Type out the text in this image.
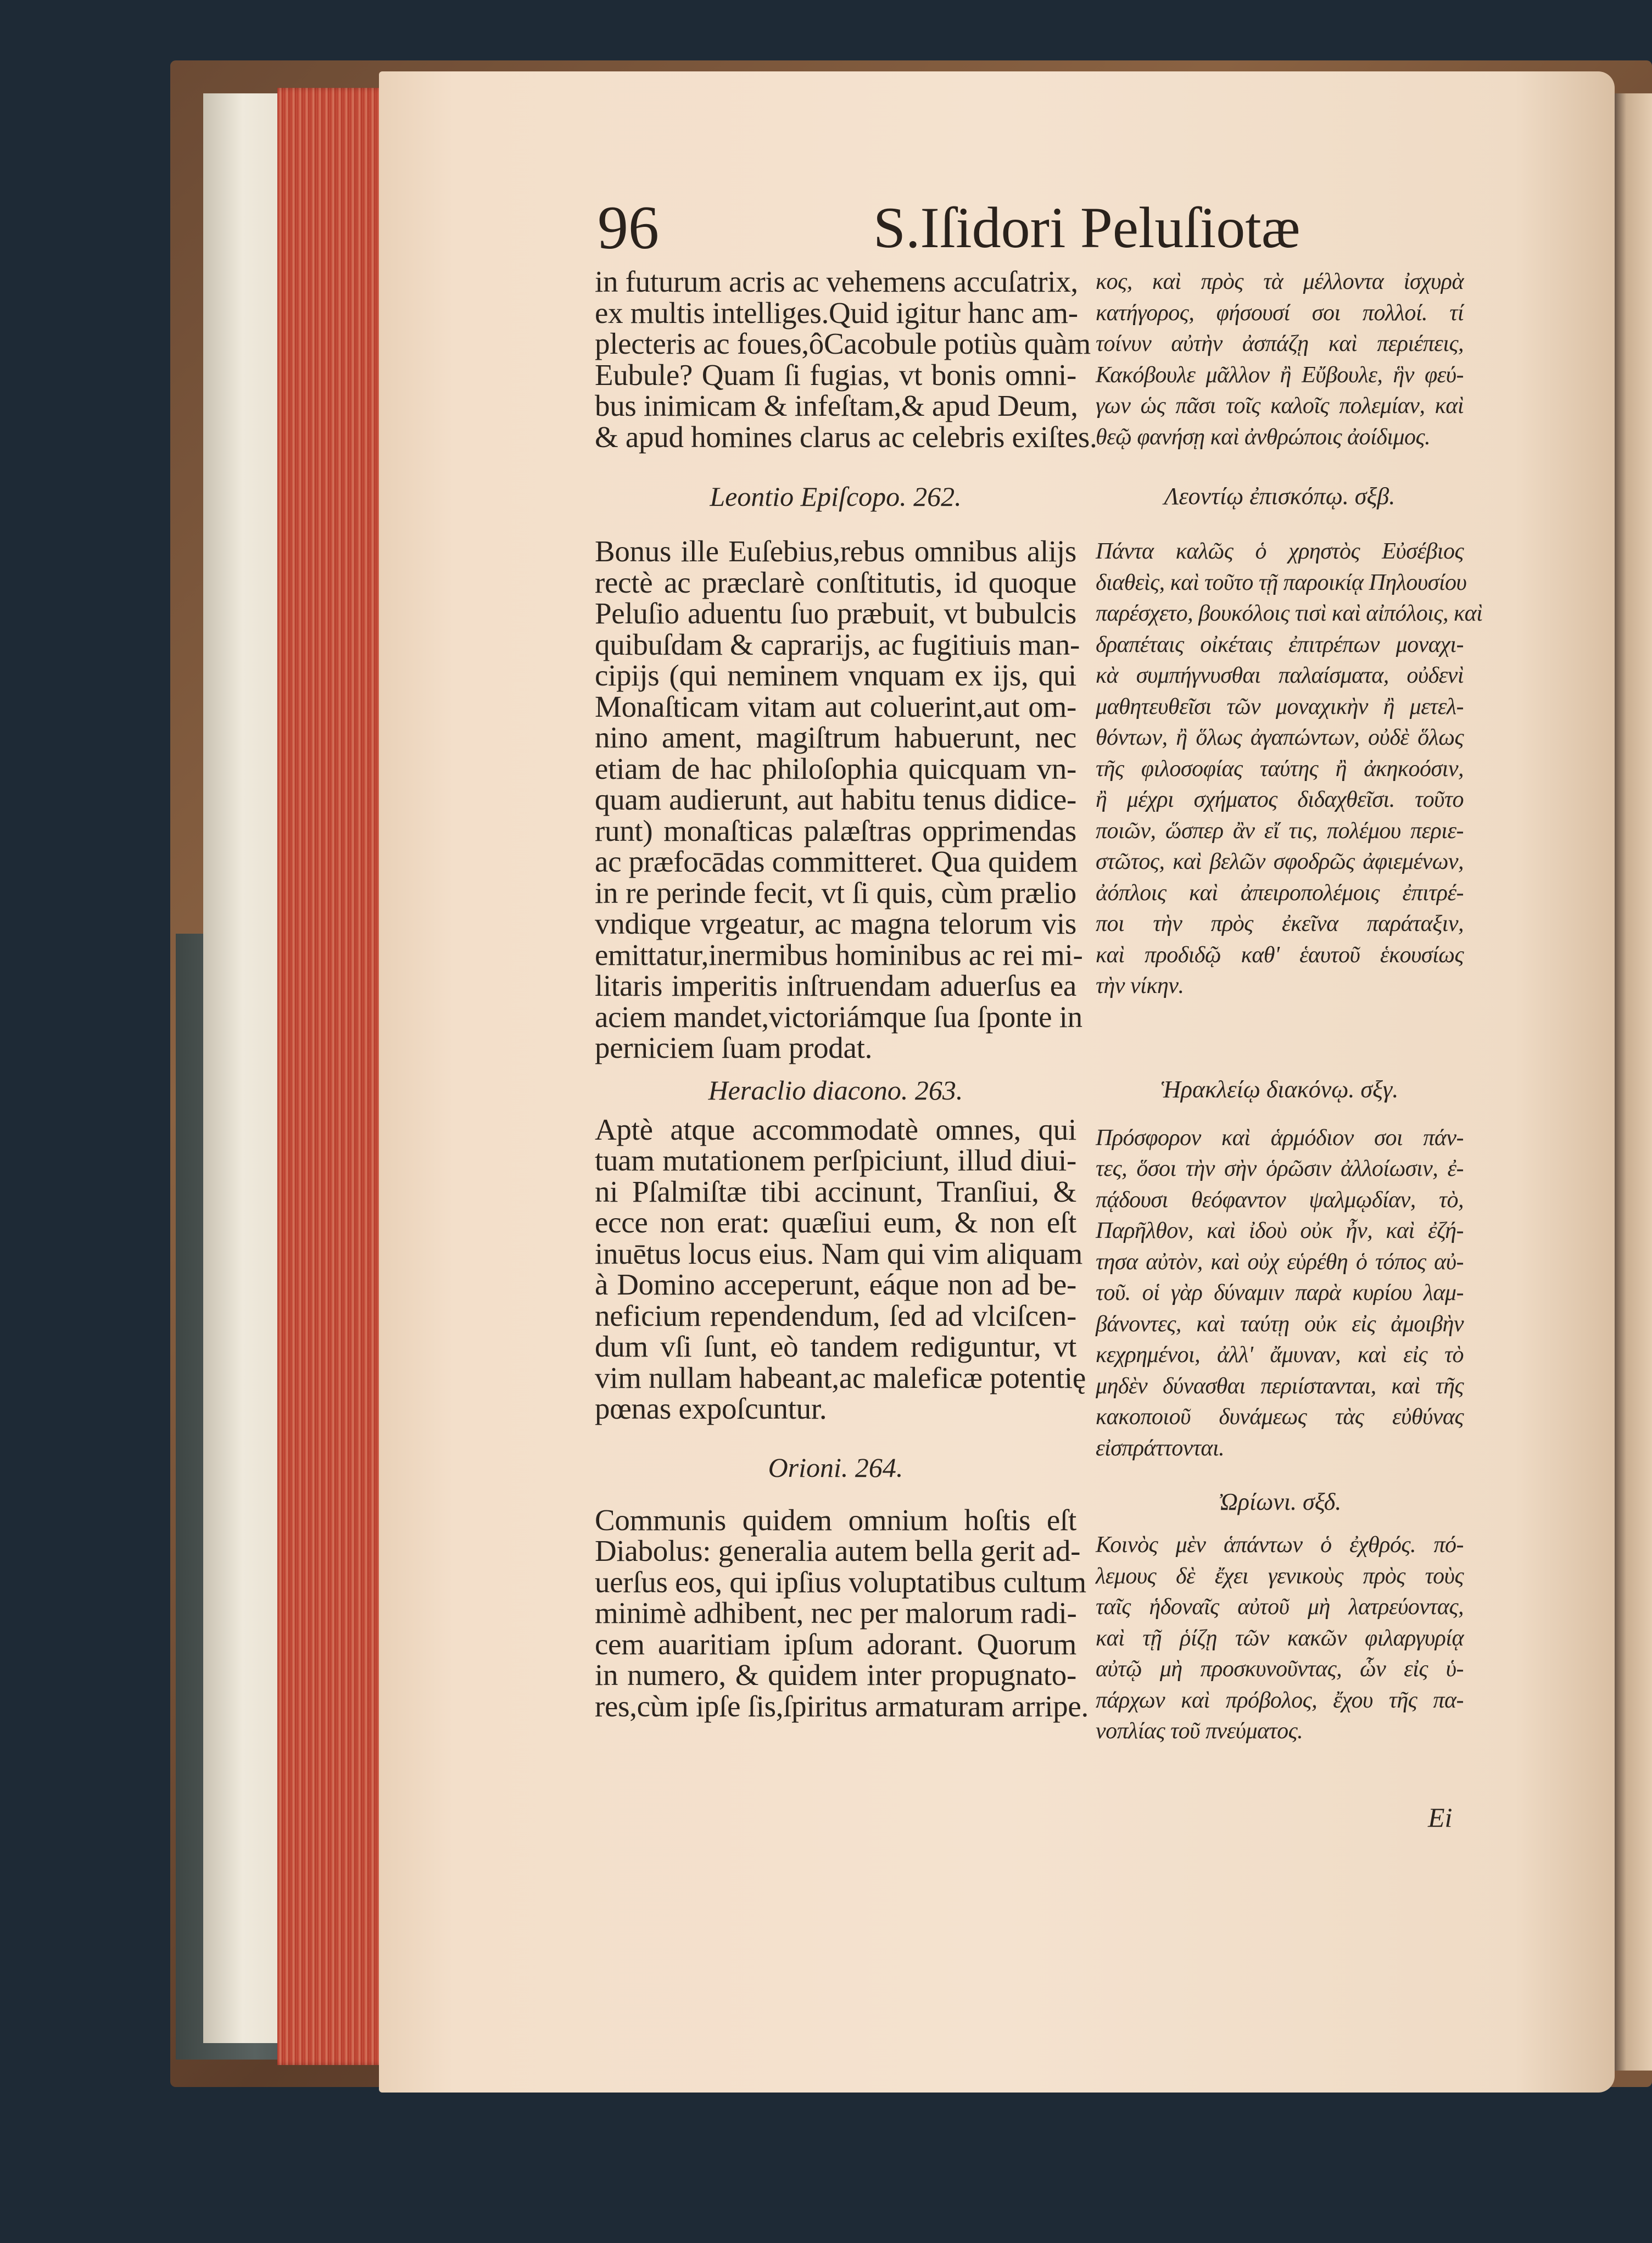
96	S.Iſidori Peluſiotæ

in futurum acris ac vehemens accuſatrix,
ex multis intelliges.Quid igitur hanc am-
plecteris ac foues,ôCacobule potiùs quàm
Eubule? Quam ſi fugias, vt bonis omni-
bus inimicam & infeſtam,& apud Deum,
& apud homines clarus ac celebris exiſtes.

Leontio Epiſcopo. 262.

Bonus ille Euſebius,rebus omnibus alijs
rectè ac præclarè conſtitutis, id quoque
Peluſio aduentu ſuo præbuit, vt bubulcis
quibuſdam & caprarijs, ac fugitiuis man-
cipijs (qui neminem vnquam ex ijs, qui
Monaſticam vitam aut coluerint,aut om-
nino ament, magiſtrum habuerunt, nec
etiam de hac philoſophia quicquam vn-
quam audierunt, aut habitu tenus didice-
runt) monaſticas palæſtras opprimendas
ac præfocādas committeret. Qua quidem
in re perinde fecit, vt ſi quis, cùm prælio
vndique vrgeatur, ac magna telorum vis
emittatur,inermibus hominibus ac rei mi-
litaris imperitis inſtruendam aduerſus ea
aciem mandet,victoriámque ſua ſponte in
perniciem ſuam prodat.

Heraclio diacono. 263.

Aptè atque accommodatè omnes, qui
tuam mutationem perſpiciunt, illud diui-
ni Pſalmiſtæ tibi accinunt, Tranſiui, &
ecce non erat: quæſiui eum, & non eſt
inuētus locus eius. Nam qui vim aliquam
à Domino acceperunt, eáque non ad be-
neficium rependendum, ſed ad vlciſcen-
dum vſi ſunt, eò tandem rediguntur, vt
vim nullam habeant,ac maleficæ potentię
pœnas expoſcuntur.

Orioni. 264.

Communis quidem omnium hoſtis eſt
Diabolus: generalia autem bella gerit ad-
uerſus eos, qui ipſius voluptatibus cultum
minimè adhibent, nec per malorum radi-
cem auaritiam ipſum adorant. Quorum
in numero, & quidem inter propugnato-
res,cùm ipſe ſis,ſpiritus armaturam arripe.

κος, καὶ πρὸς τὰ μέλλοντα ἰσχυρὰ
κατήγορος, φήσουσί σοι πολλοί. τί
τοίνυν αὐτὴν ἀσπάζῃ καὶ περιέπεις,
Κακόβουλε μᾶλλον ἢ Εὔβουλε, ἣν φεύ-
γων ὡς πᾶσι τοῖς καλοῖς πολεμίαν, καὶ
θεῷ φανήσῃ καὶ ἀνθρώποις ἀοίδιμος.

Λεοντίῳ ἐπισκόπῳ. σξβ.

Πάντα καλῶς ὁ χρηστὸς Εὐσέβιος
διαθεὶς, καὶ τοῦτο τῇ παροικίᾳ Πηλουσίου
παρέσχετο, βουκόλοις τισὶ καὶ αἰπόλοις, καὶ
δραπέταις οἰκέταις ἐπιτρέπων μοναχι-
κὰ συμπήγνυσθαι παλαίσματα, οὐδενὶ
μαθητευθεῖσι τῶν μοναχικὴν ἢ μετελ-
θόντων, ἢ ὅλως ἀγαπώντων, οὐδὲ ὅλως
τῆς φιλοσοφίας ταύτης ἢ ἀκηκοόσιν,
ἢ μέχρι σχήματος διδαχθεῖσι. τοῦτο
ποιῶν, ὥσπερ ἂν εἴ τις, πολέμου περιε-
στῶτος, καὶ βελῶν σφοδρῶς ἀφιεμένων,
ἀόπλοις καὶ ἀπειροπολέμοις ἐπιτρέ-
ποι τὴν πρὸς ἐκεῖνα παράταξιν,
καὶ προδιδῷ καθ' ἑαυτοῦ ἑκουσίως
τὴν νίκην.

Ἡρακλείῳ διακόνῳ. σξγ.

Πρόσφορον καὶ ἁρμόδιον σοι πάν-
τες, ὅσοι τὴν σὴν ὁρῶσιν ἀλλοίωσιν, ἐ-
πᾴδουσι θεόφαντον ψαλμῳδίαν, τὸ,
Παρῆλθον, καὶ ἰδοὺ οὐκ ἦν, καὶ ἐζή-
τησα αὐτὸν, καὶ οὐχ εὑρέθη ὁ τόπος αὐ-
τοῦ. οἱ γὰρ δύναμιν παρὰ κυρίου λαμ-
βάνοντες, καὶ ταύτῃ οὐκ εἰς ἀμοιβὴν
κεχρημένοι, ἀλλ' ἄμυναν, καὶ εἰς τὸ
μηδὲν δύνασθαι περιίστανται, καὶ τῆς
κακοποιοῦ δυνάμεως τὰς εὐθύνας
εἰσπράττονται.

Ὠρίωνι. σξδ.

Κοινὸς μὲν ἁπάντων ὁ ἐχθρός. πό-
λεμους δὲ ἔχει γενικοὺς πρὸς τοὺς
ταῖς ἡδοναῖς αὐτοῦ μὴ λατρεύοντας,
καὶ τῇ ῥίζῃ τῶν κακῶν φιλαργυρίᾳ
αὐτῷ μὴ προσκυνοῦντας, ὧν εἰς ὑ-
πάρχων καὶ πρόβολος, ἔχου τῆς πα-
νοπλίας τοῦ πνεύματος.

Ei
